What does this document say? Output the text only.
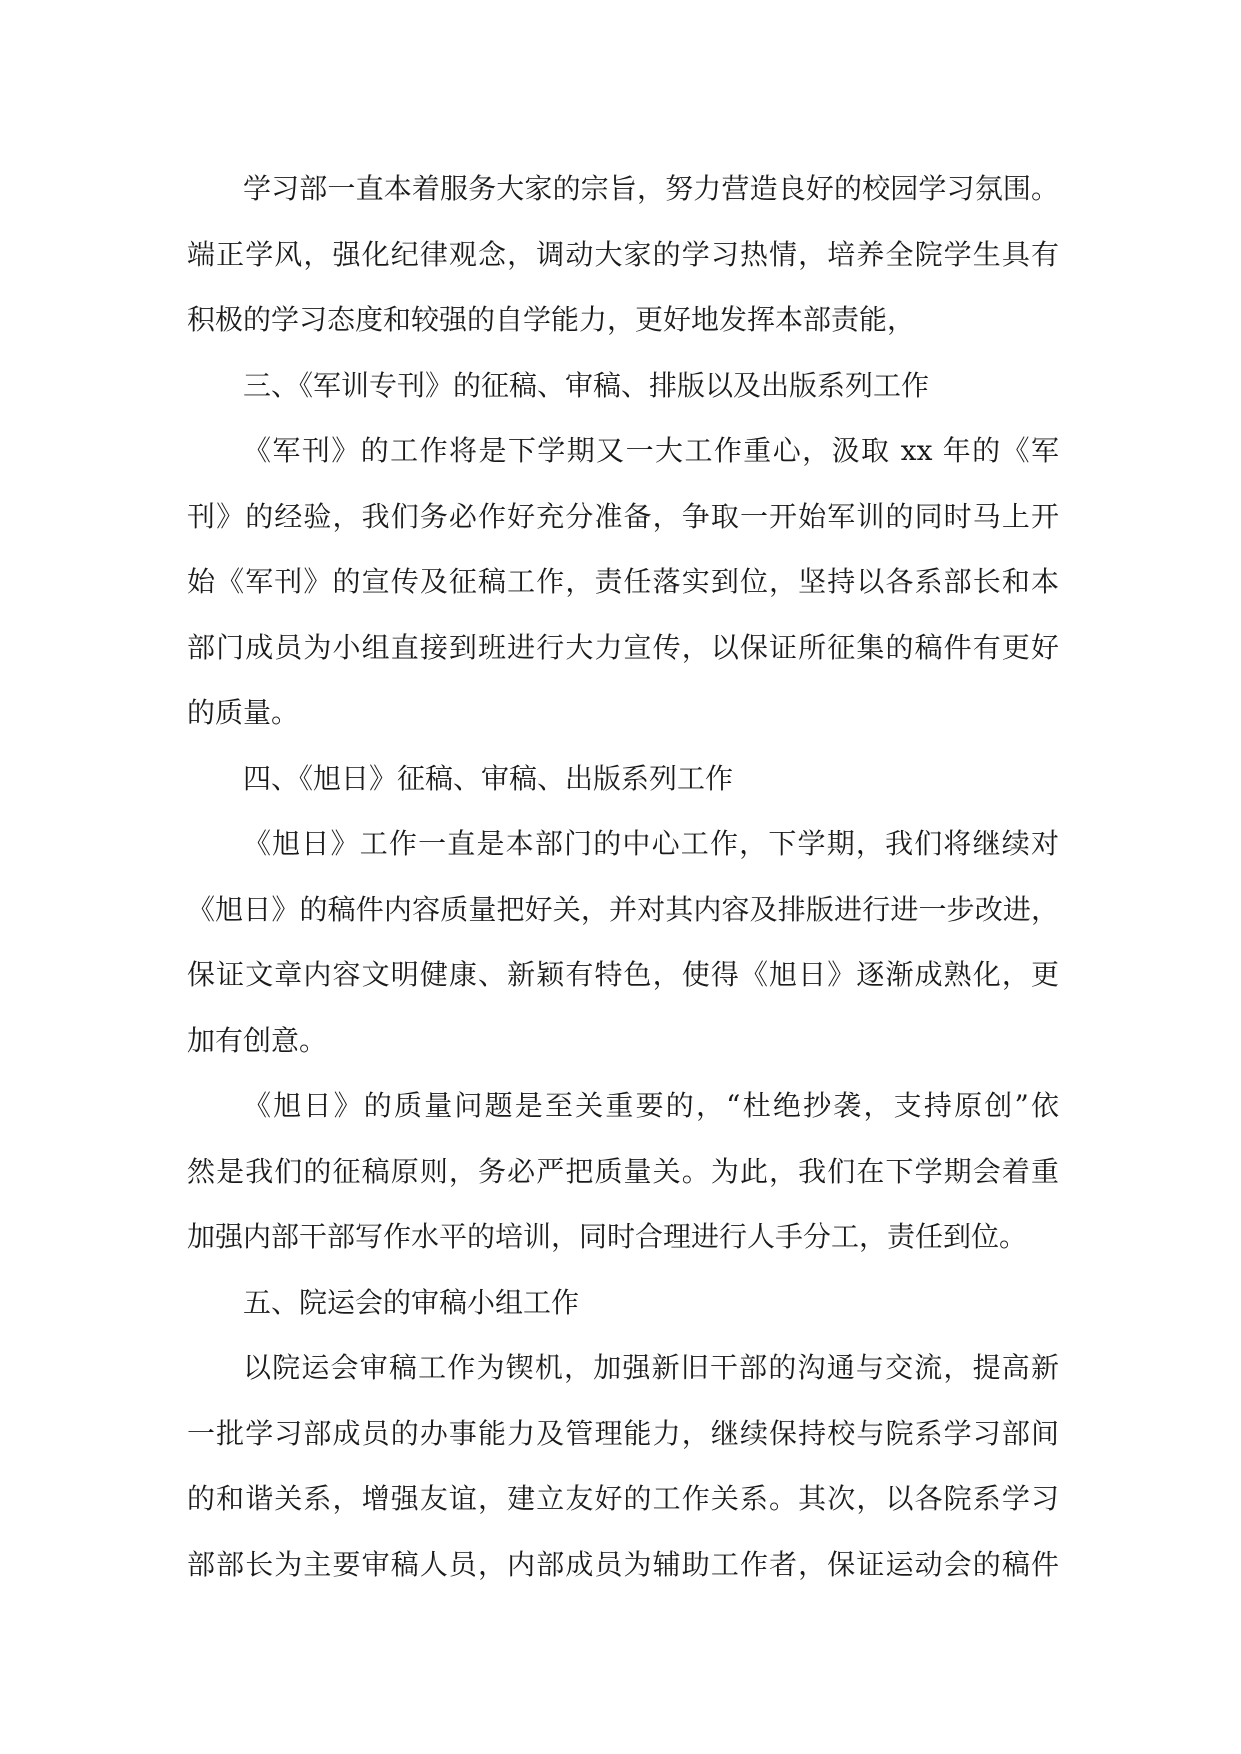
学习部一直本着服务大家的宗旨，努力营造良好的校园学习氛围。
端正学风，强化纪律观念，调动大家的学习热情，培养全院学生具有
积极的学习态度和较强的自学能力，更好地发挥本部责能，
三、《军训专刊》的征稿、审稿、排版以及出版系列工作
《军刊》的工作将是下学期又一大工作重心，汲取 xx 年的《军
刊》的经验，我们务必作好充分准备，争取一开始军训的同时马上开
始《军刊》的宣传及征稿工作，责任落实到位，坚持以各系部长和本
部门成员为小组直接到班进行大力宣传，以保证所征集的稿件有更好
的质量。
四、《旭日》征稿、审稿、出版系列工作
《旭日》工作一直是本部门的中心工作，下学期，我们将继续对
《旭日》的稿件内容质量把好关，并对其内容及排版进行进一步改进，
保证文章内容文明健康、新颖有特色，使得《旭日》逐渐成熟化，更
加有创意。
《旭日》的质量问题是至关重要的，“杜绝抄袭，支持原创”依
然是我们的征稿原则，务必严把质量关。为此，我们在下学期会着重
加强内部干部写作水平的培训，同时合理进行人手分工，责任到位。
五、院运会的审稿小组工作
以院运会审稿工作为锲机，加强新旧干部的沟通与交流，提高新
一批学习部成员的办事能力及管理能力，继续保持校与院系学习部间
的和谐关系，增强友谊，建立友好的工作关系。其次，以各院系学习
部部长为主要审稿人员，内部成员为辅助工作者，保证运动会的稿件
